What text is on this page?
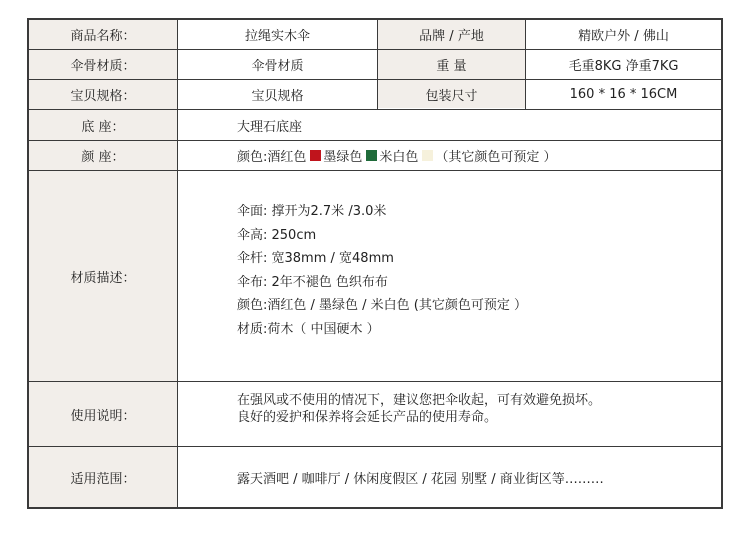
商品名称：	拉绳实木伞	品牌 / 产地	精欧户外 / 佛山
伞骨材质：	伞骨材质	重 量	毛重8KG 净重7KG
宝贝规格：	宝贝规格	包装尺寸	160 * 16 * 16CM
底 座：	大理石底座
颜 座：	颜色:酒红色 墨绿色 米白色 （其它颜色可预定 ）
材质描述：
伞面: 撑开为2.7米 /3.0米
伞高: 250cm
伞杆: 宽38mm / 宽48mm
伞布: 2年不褪色 色织布布
颜色:酒红色 / 墨绿色 / 米白色 (其它颜色可预定 ）
材质:荷木（ 中国硬木 ）
使用说明：
在强风或不使用的情况下，建议您把伞收起，可有效避免损坏。
良好的爱护和保养将会延长产品的使用寿命。
适用范围：	露天酒吧 / 咖啡厅 / 休闲度假区 / 花园 别墅 / 商业街区等………
